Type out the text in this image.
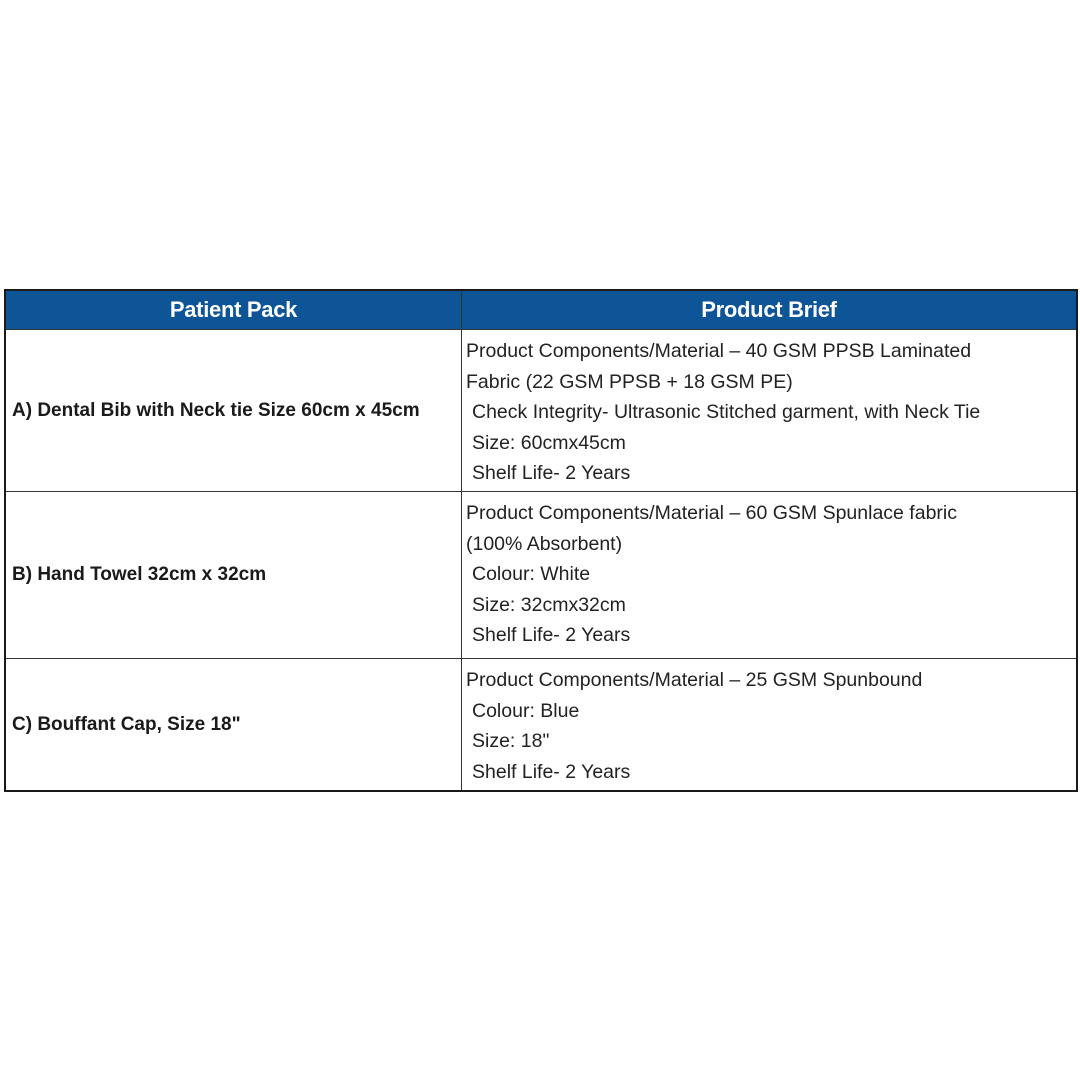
Patient Pack	Product Brief
A) Dental Bib with Neck tie Size 60cm x 45cm
Product Components/Material – 40 GSM PPSB Laminated
Fabric (22 GSM PPSB + 18 GSM PE)
Check Integrity- Ultrasonic Stitched garment, with Neck Tie
Size: 60cmx45cm
Shelf Life- 2 Years
B) Hand Towel 32cm x 32cm
Product Components/Material – 60 GSM Spunlace fabric
(100% Absorbent)
Colour: White
Size: 32cmx32cm
Shelf Life- 2 Years
C) Bouffant Cap, Size 18"
Product Components/Material – 25 GSM Spunbound
Colour: Blue
Size: 18"
Shelf Life- 2 Years
